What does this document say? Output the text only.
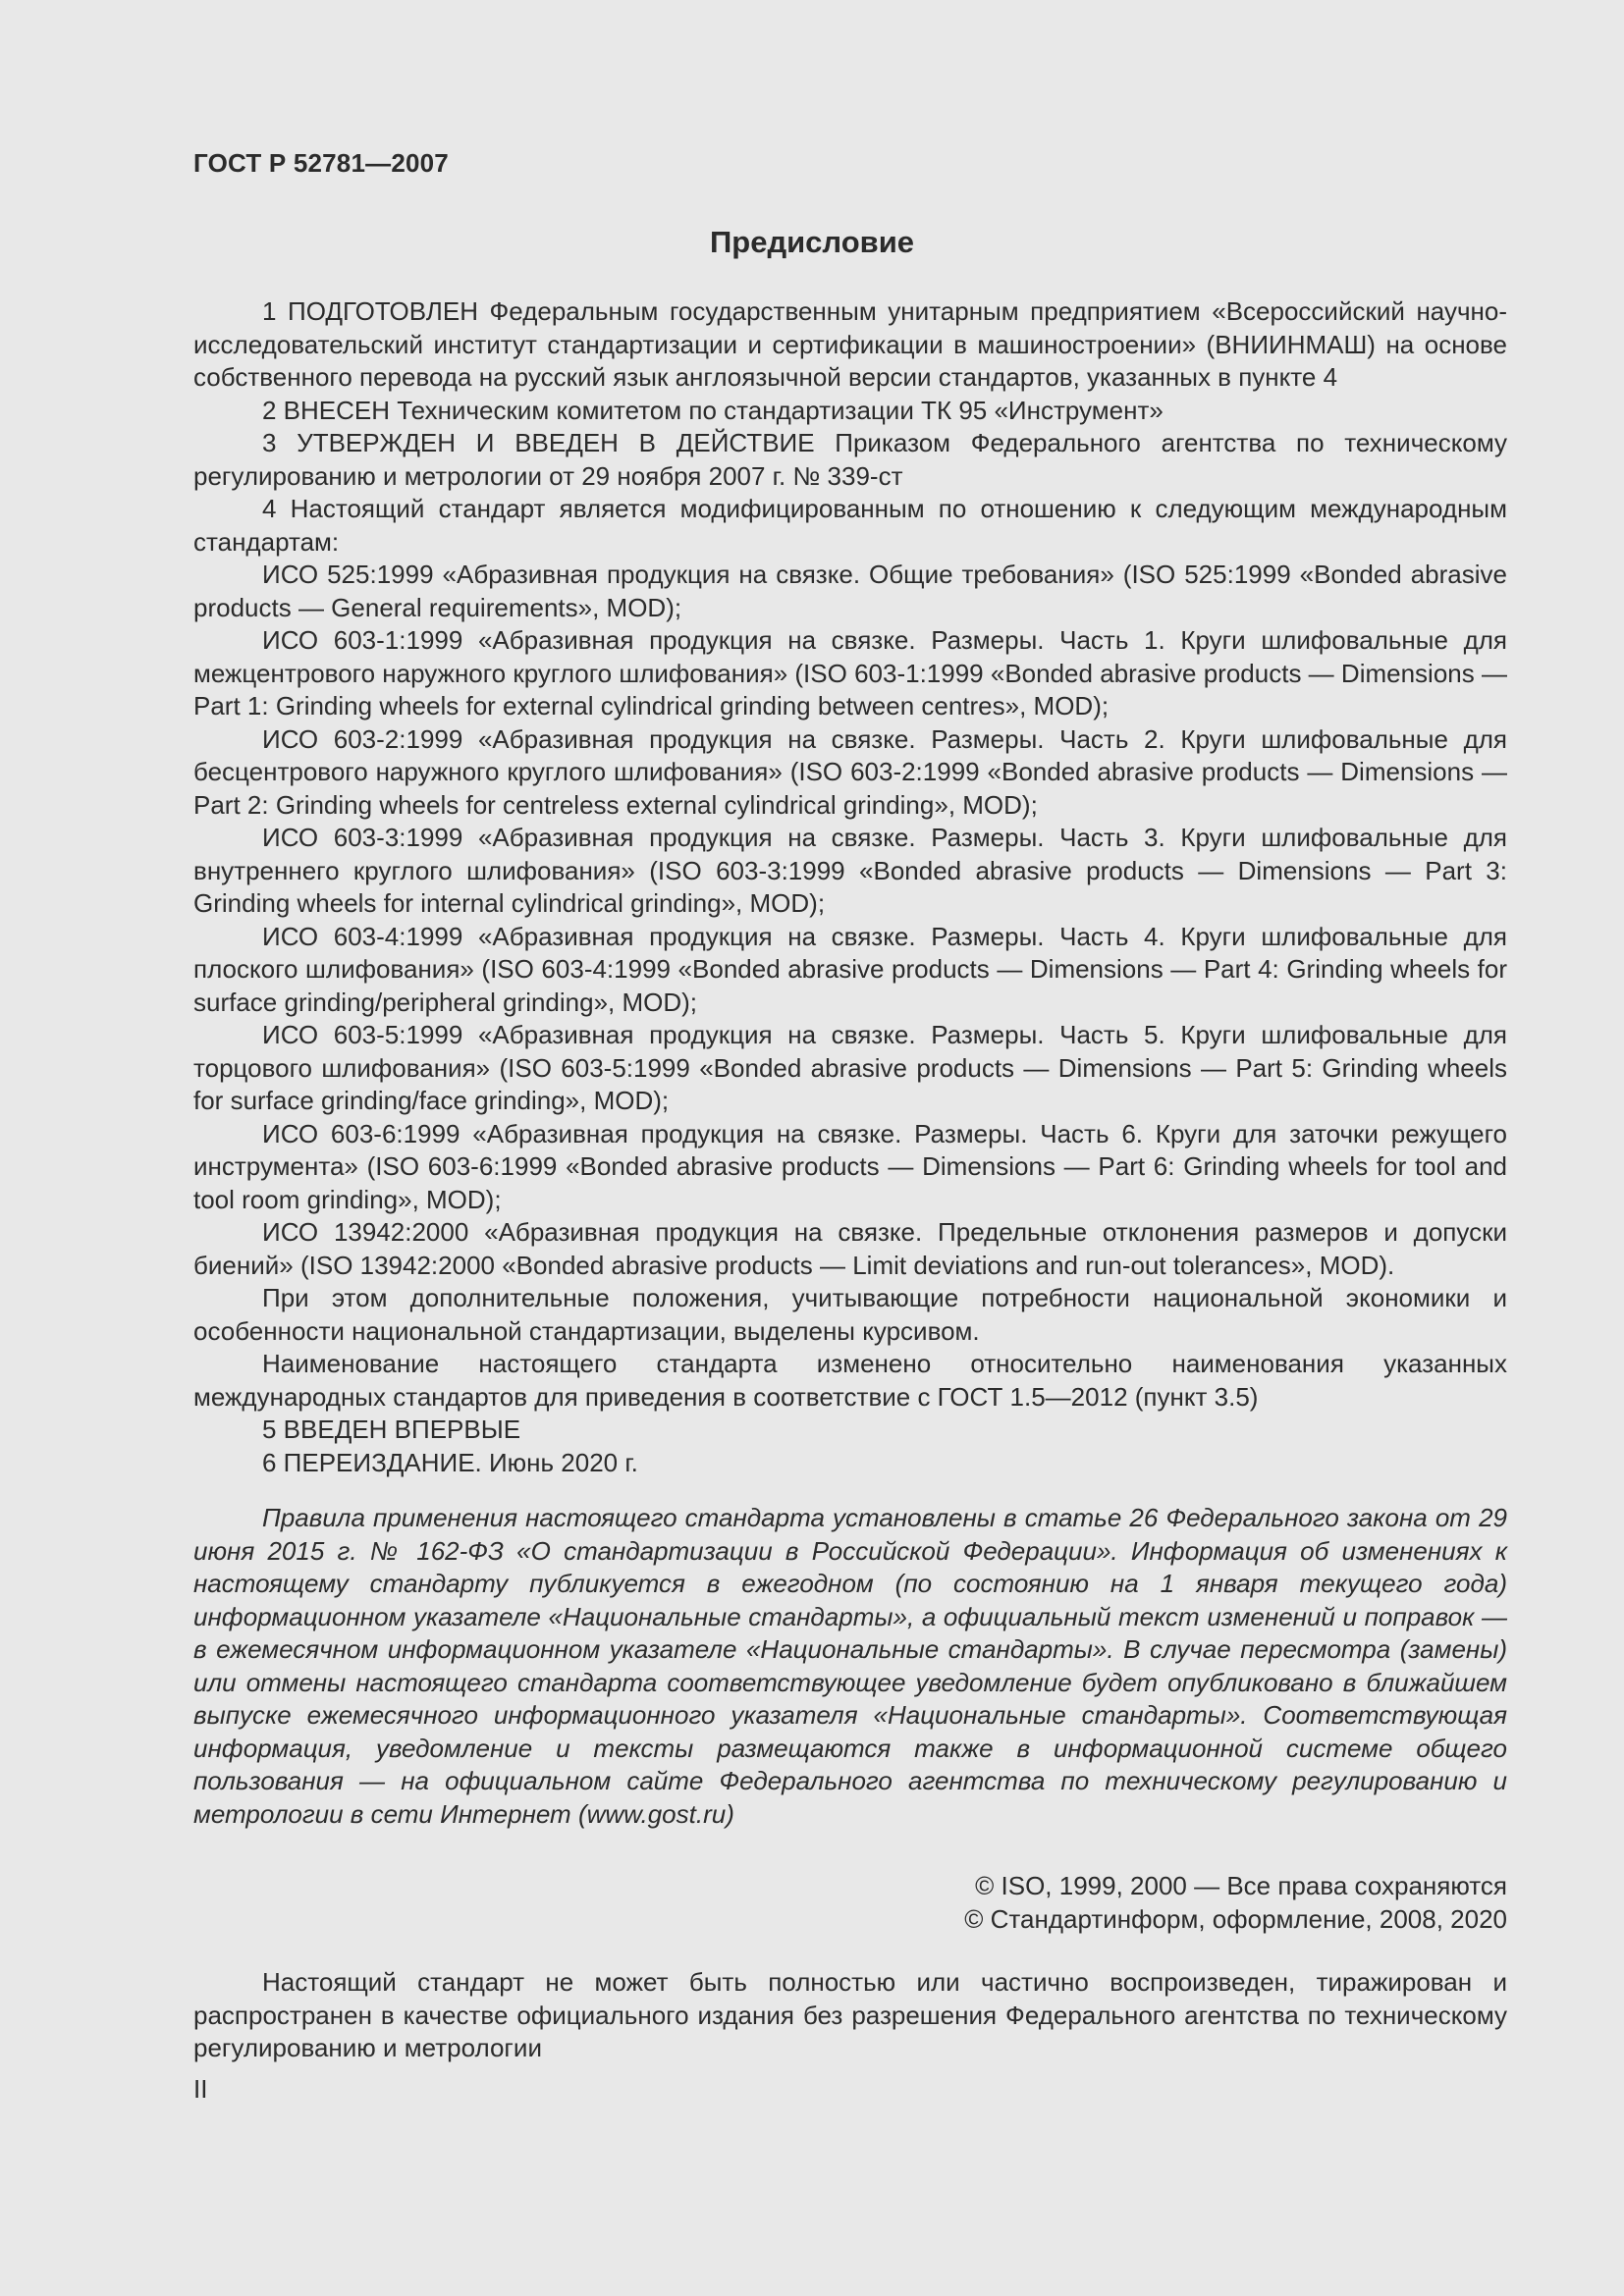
ГОСТ Р 52781—2007
Предисловие

1 ПОДГОТОВЛЕН Федеральным государственным унитарным предприятием «Всероссийский научно-исследовательский институт стандартизации и сертификации в машиностроении» (ВНИИНМАШ) на основе собственного перевода на русский язык англоязычной версии стандартов, указанных в пункте 4

2 ВНЕСЕН Техническим комитетом по стандартизации ТК 95 «Инструмент»

3 УТВЕРЖДЕН И ВВЕДЕН В ДЕЙСТВИЕ Приказом Федерального агентства по техническому регулированию и метрологии от 29 ноября 2007 г. № 339-ст

4 Настоящий стандарт является модифицированным по отношению к следующим международным стандартам:

ИСО 525:1999 «Абразивная продукция на связке. Общие требования» (ISO 525:1999 «Bonded abrasive products — General requirements», MOD);

ИСО 603-1:1999 «Абразивная продукция на связке. Размеры. Часть 1. Круги шлифовальные для межцентрового наружного круглого шлифования» (ISO 603-1:1999 «Bonded abrasive products — Dimensions — Part 1: Grinding wheels for external cylindrical grinding between centres», MOD);

ИСО 603-2:1999 «Абразивная продукция на связке. Размеры. Часть 2. Круги шлифовальные для бесцентрового наружного круглого шлифования» (ISO 603-2:1999 «Bonded abrasive products — Dimensions — Part 2: Grinding wheels for centreless external cylindrical grinding», MOD);

ИСО 603-3:1999 «Абразивная продукция на связке. Размеры. Часть 3. Круги шлифовальные для внутреннего круглого шлифования» (ISO 603-3:1999 «Bonded abrasive products — Dimensions — Part 3: Grinding wheels for internal cylindrical grinding», MOD);

ИСО 603-4:1999 «Абразивная продукция на связке. Размеры. Часть 4. Круги шлифовальные для плоского шлифования» (ISO 603-4:1999 «Bonded abrasive products — Dimensions — Part 4: Grinding wheels for surface grinding/peripheral grinding», MOD);

ИСО 603-5:1999 «Абразивная продукция на связке. Размеры. Часть 5. Круги шлифовальные для торцового шлифования» (ISO 603-5:1999 «Bonded abrasive products — Dimensions — Part 5: Grinding wheels for surface grinding/face grinding», MOD);

ИСО 603-6:1999 «Абразивная продукция на связке. Размеры. Часть 6. Круги для заточки режущего инструмента» (ISO 603-6:1999 «Bonded abrasive products — Dimensions — Part 6: Grinding wheels for tool and tool room grinding», MOD);

ИСО 13942:2000 «Абразивная продукция на связке. Предельные отклонения размеров и допуски биений» (ISO 13942:2000 «Bonded abrasive products — Limit deviations and run-out tolerances», MOD).

При этом дополнительные положения, учитывающие потребности национальной экономики и особенности национальной стандартизации, выделены курсивом.

Наименование настоящего стандарта изменено относительно наименования указанных международных стандартов для приведения в соответствие с ГОСТ 1.5—2012 (пункт 3.5)

5 ВВЕДЕН ВПЕРВЫЕ

6 ПЕРЕИЗДАНИЕ. Июнь 2020 г.

Правила применения настоящего стандарта установлены в статье 26 Федерального закона от 29 июня 2015 г. № 162-ФЗ «О стандартизации в Российской Федерации». Информация об изменениях к настоящему стандарту публикуется в ежегодном (по состоянию на 1 января текущего года) информационном указателе «Национальные стандарты», а официальный текст изменений и поправок — в ежемесячном информационном указателе «Национальные стандарты». В случае пересмотра (замены) или отмены настоящего стандарта соответствующее уведомление будет опубликовано в ближайшем выпуске ежемесячного информационного указателя «Национальные стандарты». Соответствующая информация, уведомление и тексты размещаются также в информационной системе общего пользования — на официальном сайте Федерального агентства по техническому регулированию и метрологии в сети Интернет (www.gost.ru)

© ISO, 1999, 2000 — Все права сохраняются
© Стандартинформ, оформление, 2008, 2020

Настоящий стандарт не может быть полностью или частично воспроизведен, тиражирован и распространен в качестве официального издания без разрешения Федерального агентства по техническому регулированию и метрологии

II
